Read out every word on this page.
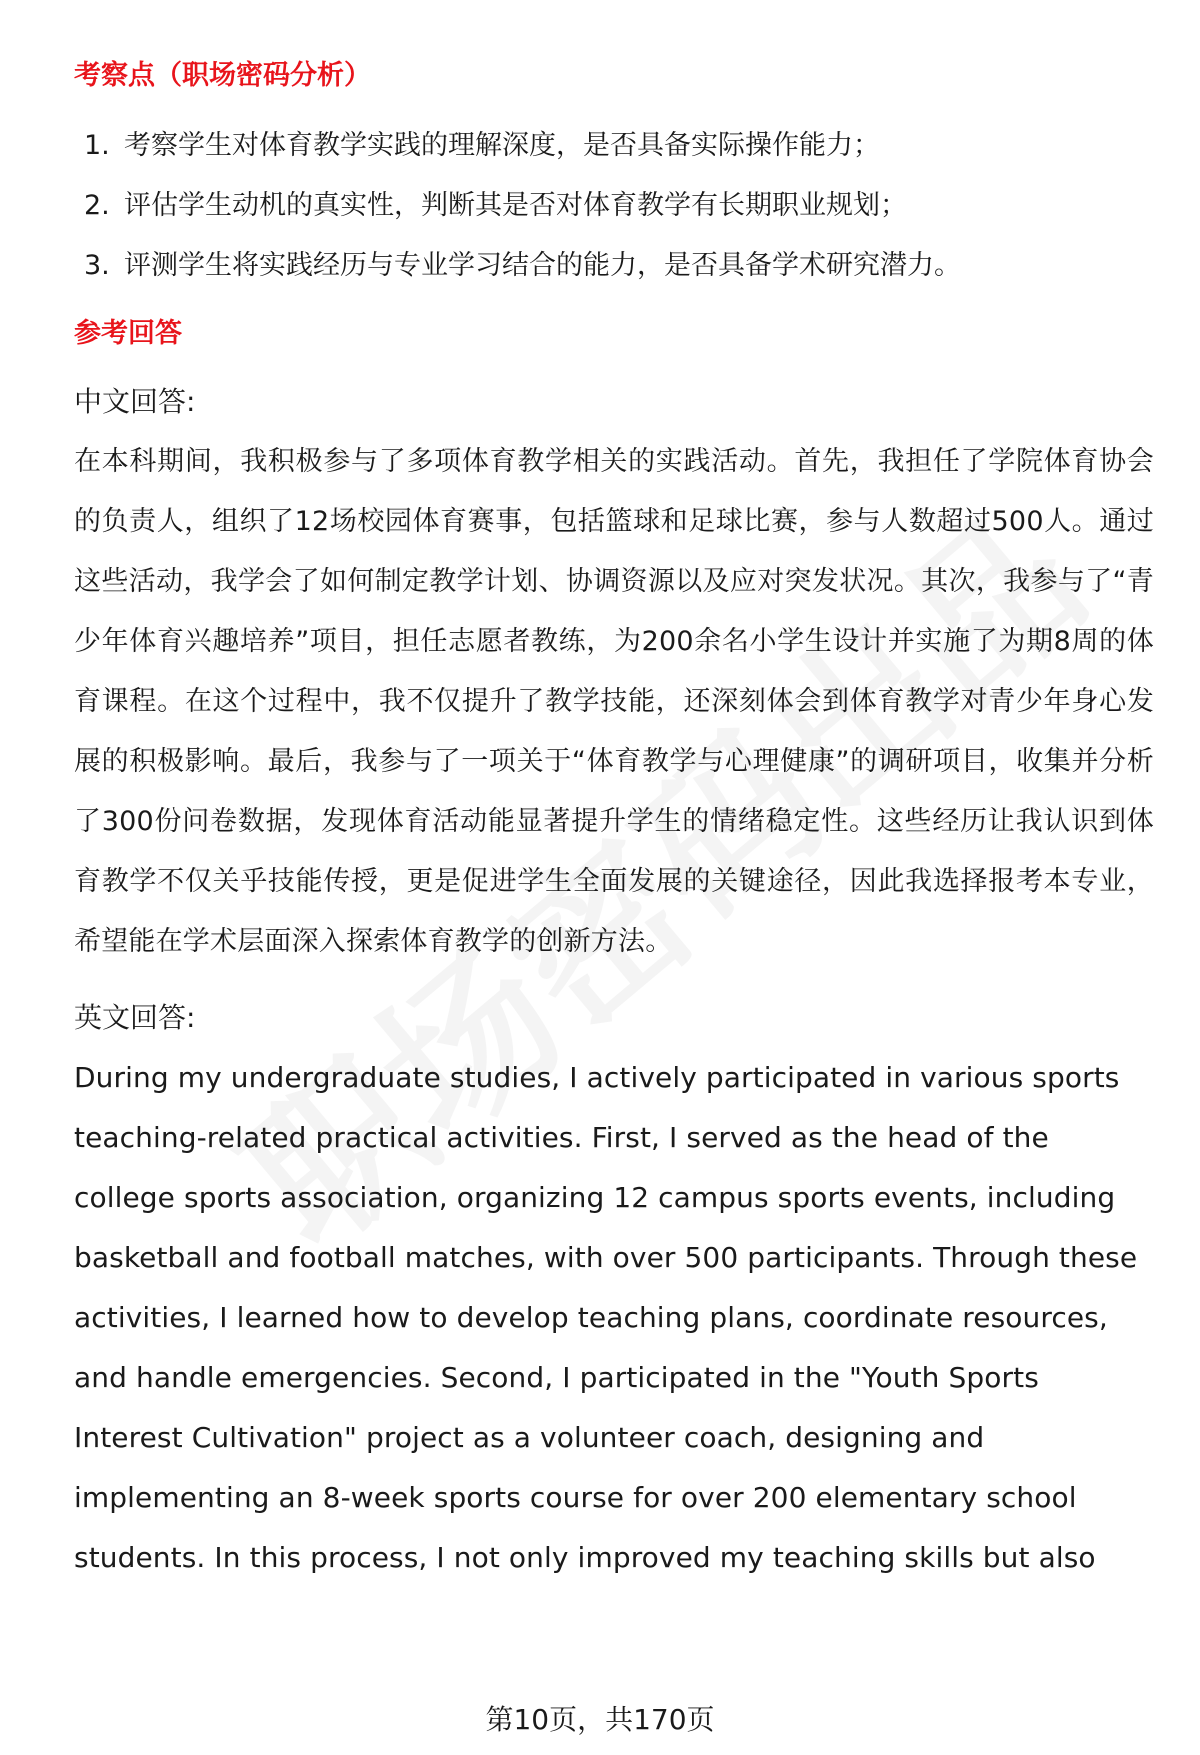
考察点（职场密码分析）
1. 考察学生对体育教学实践的理解深度，是否具备实际操作能力；
2. 评估学生动机的真实性，判断其是否对体育教学有长期职业规划；
3. 评测学生将实践经历与专业学习结合的能力，是否具备学术研究潜力。
参考回答

中文回答:

在本科期间，我积极参与了多项体育教学相关的实践活动。首先，我担任了学院体育协会的负责人，组织了12场校园体育赛事，包括篮球和足球比赛，参与人数超过500人。通过这些活动，我学会了如何制定教学计划、协调资源以及应对突发状况。其次，我参与了“青少年体育兴趣培养”项目，担任志愿者教练，为200余名小学生设计并实施了为期8周的体育课程。在这个过程中，我不仅提升了教学技能，还深刻体会到体育教学对青少年身心发展的积极影响。最后，我参与了一项关于“体育教学与心理健康”的调研项目，收集并分析了300份问卷数据，发现体育活动能显著提升学生的情绪稳定性。这些经历让我认识到体育教学不仅关乎技能传授，更是促进学生全面发展的关键途径，因此我选择报考本专业，希望能在学术层面深入探索体育教学的创新方法。

英文回答:

During my undergraduate studies, I actively participated in various sports teaching-related practical activities. First, I served as the head of the college sports association, organizing 12 campus sports events, including basketball and football matches, with over 500 participants. Through these activities, I learned how to develop teaching plans, coordinate resources, and handle emergencies. Second, I participated in the "Youth Sports Interest Cultivation" project as a volunteer coach, designing and implementing an 8-week sports course for over 200 elementary school students. In this process, I not only improved my teaching skills but also

第10页，共170页
